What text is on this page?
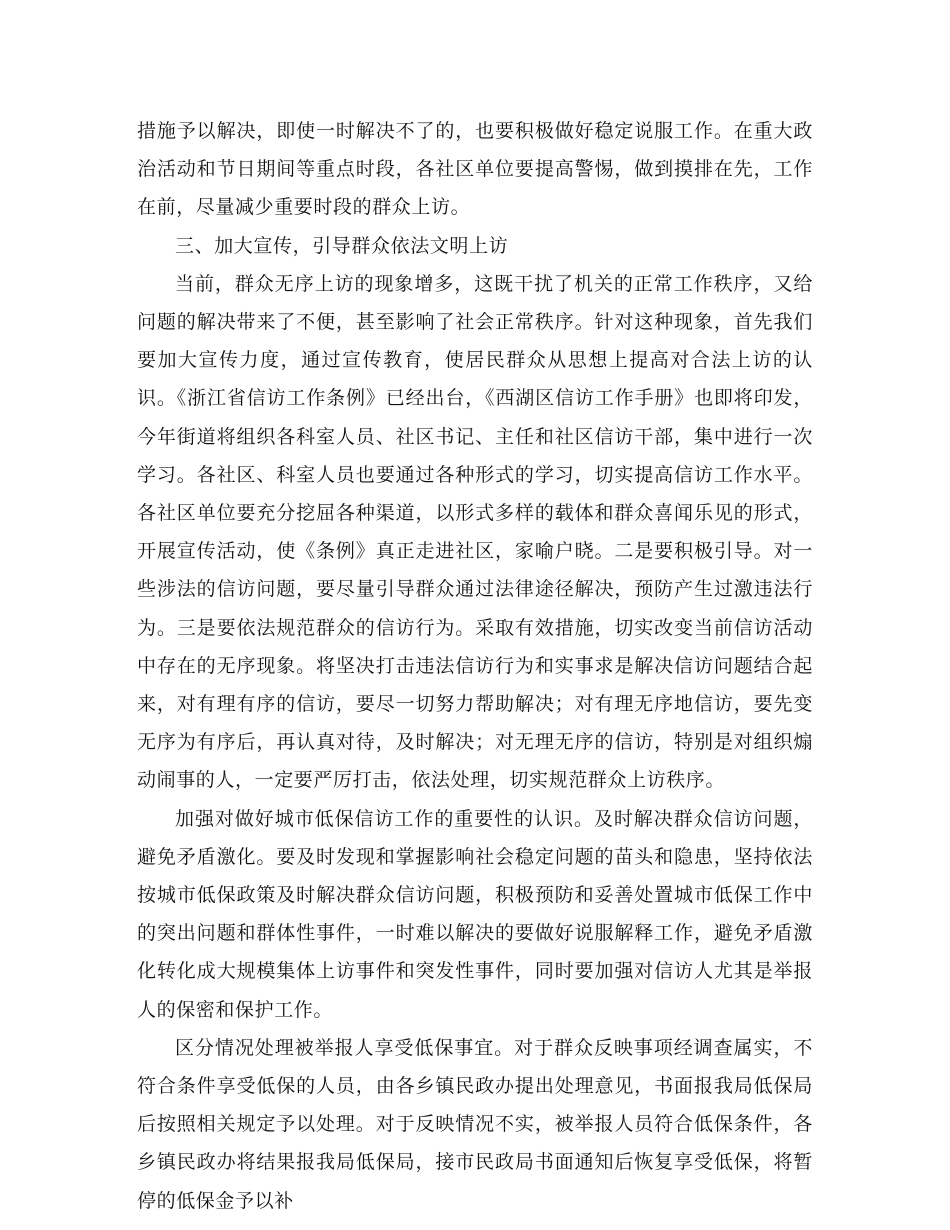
措施予以解决，即使一时解决不了的，也要积极做好稳定说服工作。在重大政治活动和节日期间等重点时段，各社区单位要提高警惕，做到摸排在先，工作在前，尽量减少重要时段的群众上访。

三、加大宣传，引导群众依法文明上访

当前，群众无序上访的现象增多，这既干扰了机关的正常工作秩序，又给问题的解决带来了不便，甚至影响了社会正常秩序。针对这种现象，首先我们要加大宣传力度，通过宣传教育，使居民群众从思想上提高对合法上访的认识。《浙江省信访工作条例》已经出台，《西湖区信访工作手册》也即将印发，今年街道将组织各科室人员、社区书记、主任和社区信访干部，集中进行一次学习。各社区、科室人员也要通过各种形式的学习，切实提高信访工作水平。各社区单位要充分挖屈各种渠道，以形式多样的载体和群众喜闻乐见的形式，开展宣传活动，使《条例》真正走进社区，家喻户晓。二是要积极引导。对一些涉法的信访问题，要尽量引导群众通过法律途径解决，预防产生过激违法行为。三是要依法规范群众的信访行为。采取有效措施，切实改变当前信访活动中存在的无序现象。将坚决打击违法信访行为和实事求是解决信访问题结合起来，对有理有序的信访，要尽一切努力帮助解决；对有理无序地信访，要先变无序为有序后，再认真对待，及时解决；对无理无序的信访，特别是对组织煽动闹事的人，一定要严厉打击，依法处理，切实规范群众上访秩序。

加强对做好城市低保信访工作的重要性的认识。及时解决群众信访问题，避免矛盾激化。要及时发现和掌握影响社会稳定问题的苗头和隐患，坚持依法按城市低保政策及时解决群众信访问题，积极预防和妥善处置城市低保工作中的突出问题和群体性事件，一时难以解决的要做好说服解释工作，避免矛盾激化转化成大规模集体上访事件和突发性事件，同时要加强对信访人尤其是举报人的保密和保护工作。

区分情况处理被举报人享受低保事宜。对于群众反映事项经调查属实，不符合条件享受低保的人员，由各乡镇民政办提出处理意见，书面报我局低保局后按照相关规定予以处理。对于反映情况不实，被举报人员符合低保条件，各乡镇民政办将结果报我局低保局，接市民政局书面通知后恢复享受低保，将暂停的低保金予以补
